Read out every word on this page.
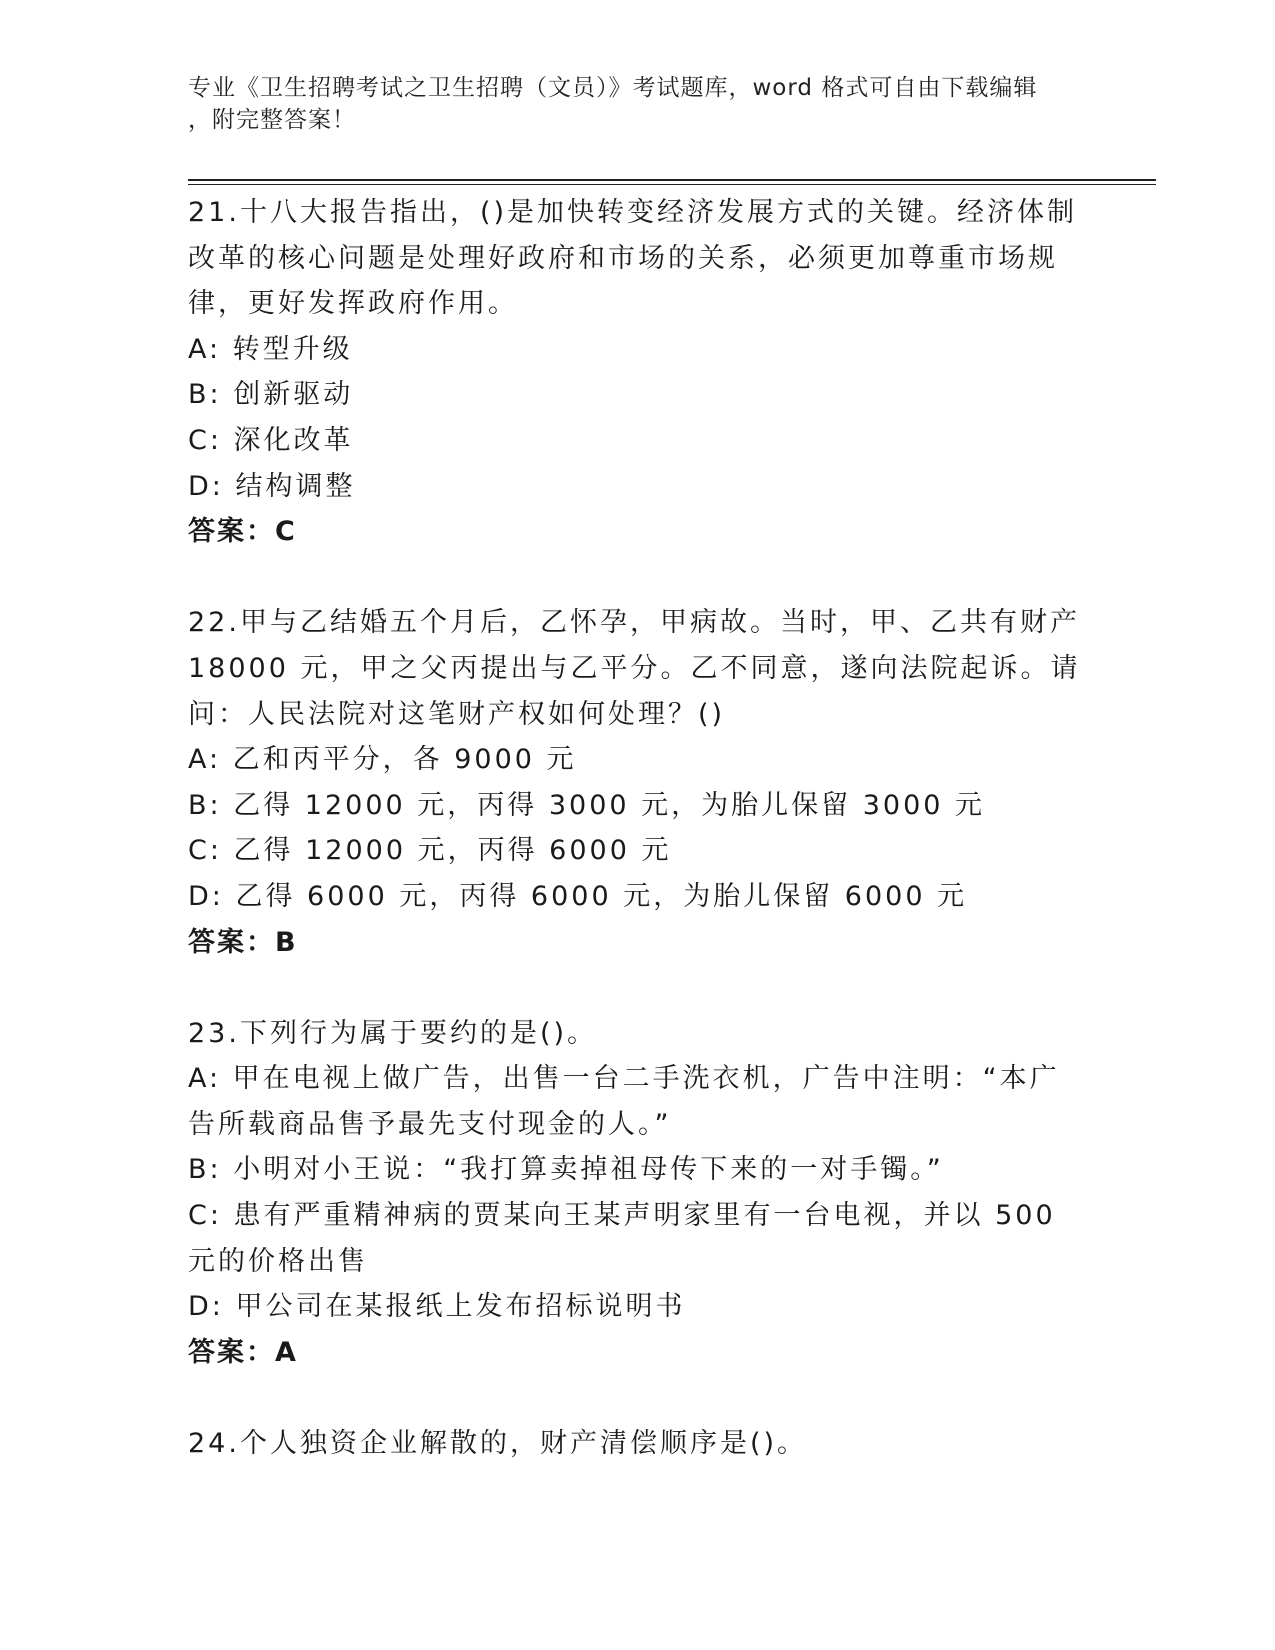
专业《卫生招聘考试之卫生招聘（文员）》考试题库，word 格式可自由下载编辑

，附完整答案！

21.十八大报告指出，()是加快转变经济发展方式的关键。经济体制改革的核心问题是处理好政府和市场的关系，必须更加尊重市场规律，更好发挥政府作用。

A: 转型升级

B: 创新驱动

C: 深化改革

D: 结构调整

答案：C

22.甲与乙结婚五个月后，乙怀孕，甲病故。当时，甲、乙共有财产 18000 元，甲之父丙提出与乙平分。乙不同意，遂向法院起诉。请问：人民法院对这笔财产权如何处理？()

A: 乙和丙平分，各 9000 元

B: 乙得 12000 元，丙得 3000 元，为胎儿保留 3000 元

C: 乙得 12000 元，丙得 6000 元

D: 乙得 6000 元，丙得 6000 元，为胎儿保留 6000 元

答案：B

23.下列行为属于要约的是()。

A: 甲在电视上做广告，出售一台二手洗衣机，广告中注明：“本广告所载商品售予最先支付现金的人。”

B: 小明对小王说：“我打算卖掉祖母传下来的一对手镯。”

C: 患有严重精神病的贾某向王某声明家里有一台电视，并以 500 元的价格出售

D: 甲公司在某报纸上发布招标说明书

答案：A

24.个人独资企业解散的，财产清偿顺序是()。
